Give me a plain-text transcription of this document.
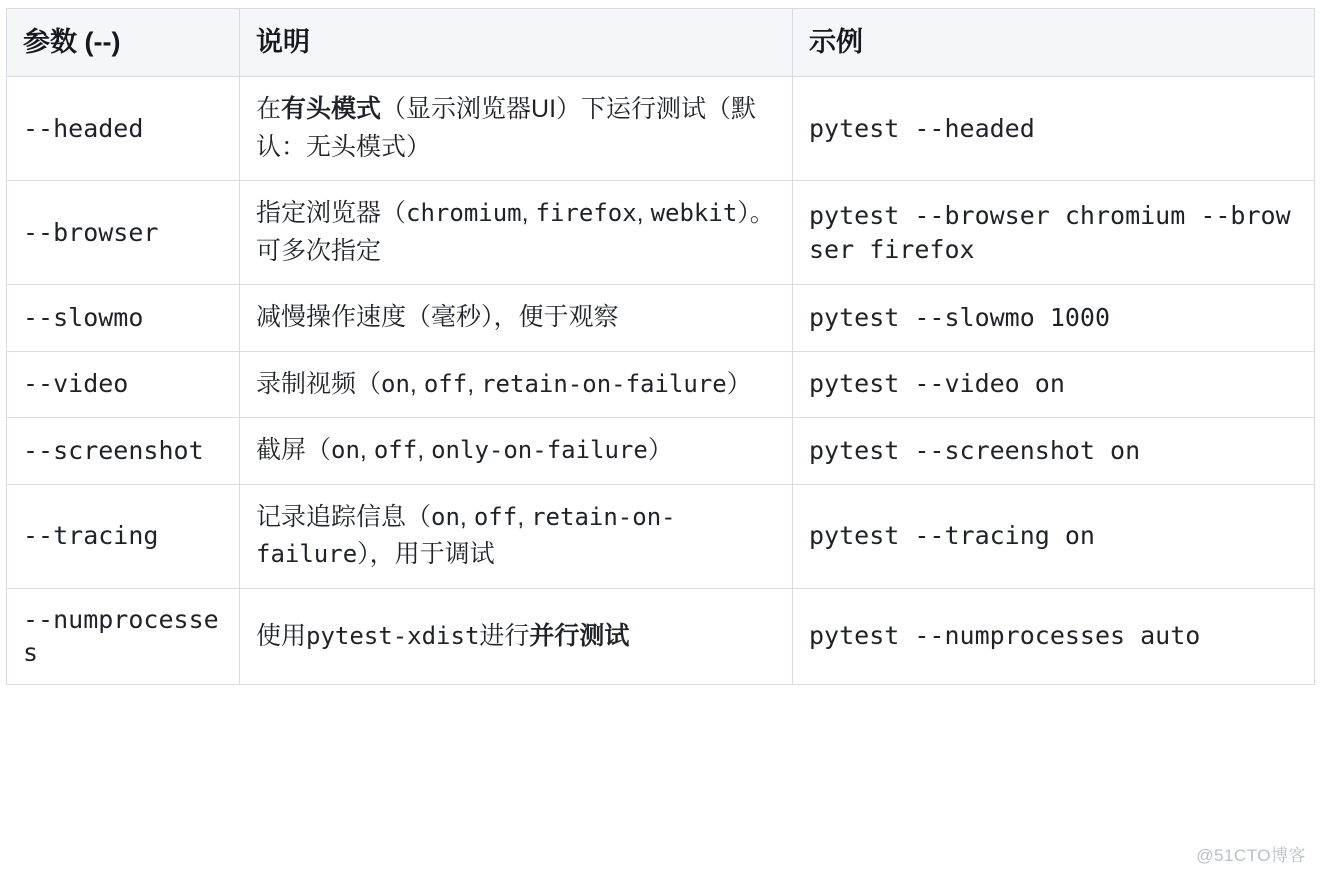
参数 (--)	说明	示例
--headed	在有头模式（显示浏览器UI）下运行测试（默认：无头模式）	pytest --headed
--browser	指定浏览器（chromium, firefox, webkit）。可多次指定	pytest --browser chromium --browser firefox
--slowmo	减慢操作速度（毫秒），便于观察	pytest --slowmo 1000
--video	录制视频（on, off, retain-on-failure）	pytest --video on
--screenshot	截屏（on, off, only-on-failure）	pytest --screenshot on
--tracing	记录追踪信息（on, off, retain-on-failure），用于调试	pytest --tracing on
--numprocesses	使用pytest-xdist进行并行测试	pytest --numprocesses auto
@51CTO博客
